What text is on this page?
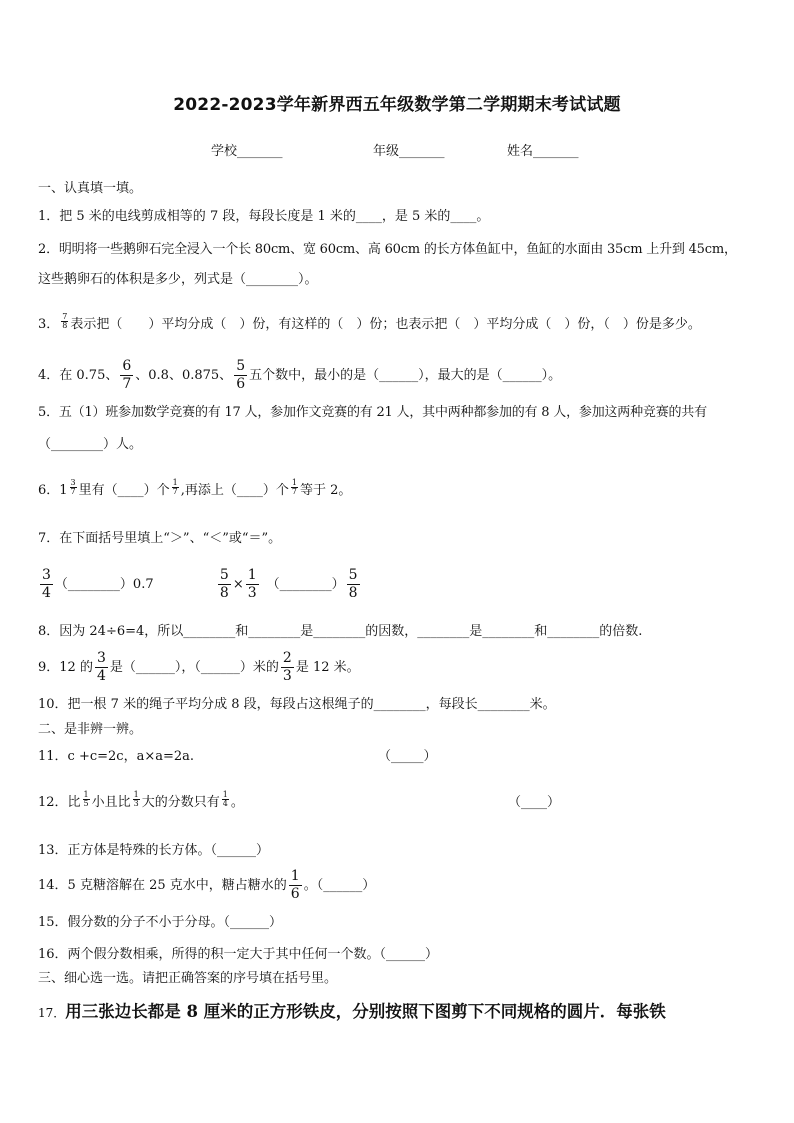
2022-2023学年新界西五年级数学第二学期期末考试试题
学校_______	年级_______	姓名_______
一、认真填一填。
1．把 5 米的电线剪成相等的 7 段，每段长度是 1 米的____，是 5 米的____。
2．明明将一些鹅卵石完全浸入一个长 80cm、宽 60cm、高 60cm 的长方体鱼缸中，鱼缸的水面由 35cm 上升到 45cm，
这些鹅卵石的体积是多少，列式是（________）。
3． $\frac{7}{8}$ 表示把（　　）平均分成（　）份，有这样的（　）份；也表示把（　）平均分成（　）份，（　）份是多少。
4．在 0.75、 $\frac{6}{7}$ 、0.8、0.875、 $\frac{5}{6}$ 五个数中，最小的是（______），最大的是（______）。
5．五（1）班参加数学竞赛的有 17 人，参加作文竞赛的有 21 人，其中两种都参加的有 8 人，参加这两种竞赛的共有
（________）人。
6．$1 \frac{3}{7}$ 里有（____）个 $\frac{1}{7}$ ,再添上（____）个 $\frac{1}{7}$ 等于 2。
7．在下面括号里填上“＞”、“＜”或“＝”。
$\frac{3}{4}$ （________）0.7	$\frac{5}{8} \times \frac{1}{3}$ （________） $\frac{5}{8}$
8．因为 24÷6=4，所以________和________是________的因数，________是________和________的倍数.
9．12 的 $\frac{3}{4}$ 是（______），（______）米的 $\frac{2}{3}$ 是 12 米。
10．把一根 7 米的绳子平均分成 8 段，每段占这根绳子的________，每段长________米。
二、是非辨一辨。
11．c +c=2c，a×a=2a.	（_____）
12．比 $\frac{1}{5}$ 小且比 $\frac{1}{3}$ 大的分数只有 $\frac{1}{4}$ 。	（____）
13．正方体是特殊的长方体。（______）
14．5 克糖溶解在 25 克水中，糖占糖水的 $\frac{1}{6}$ 。（______）
15．假分数的分子不小于分母。（______）
16．两个假分数相乘，所得的积一定大于其中任何一个数。（______）
三、细心选一选。请把正确答案的序号填在括号里。
17．用三张边长都是 8 厘米的正方形铁皮，分别按照下图剪下不同规格的圆片．每张铁
